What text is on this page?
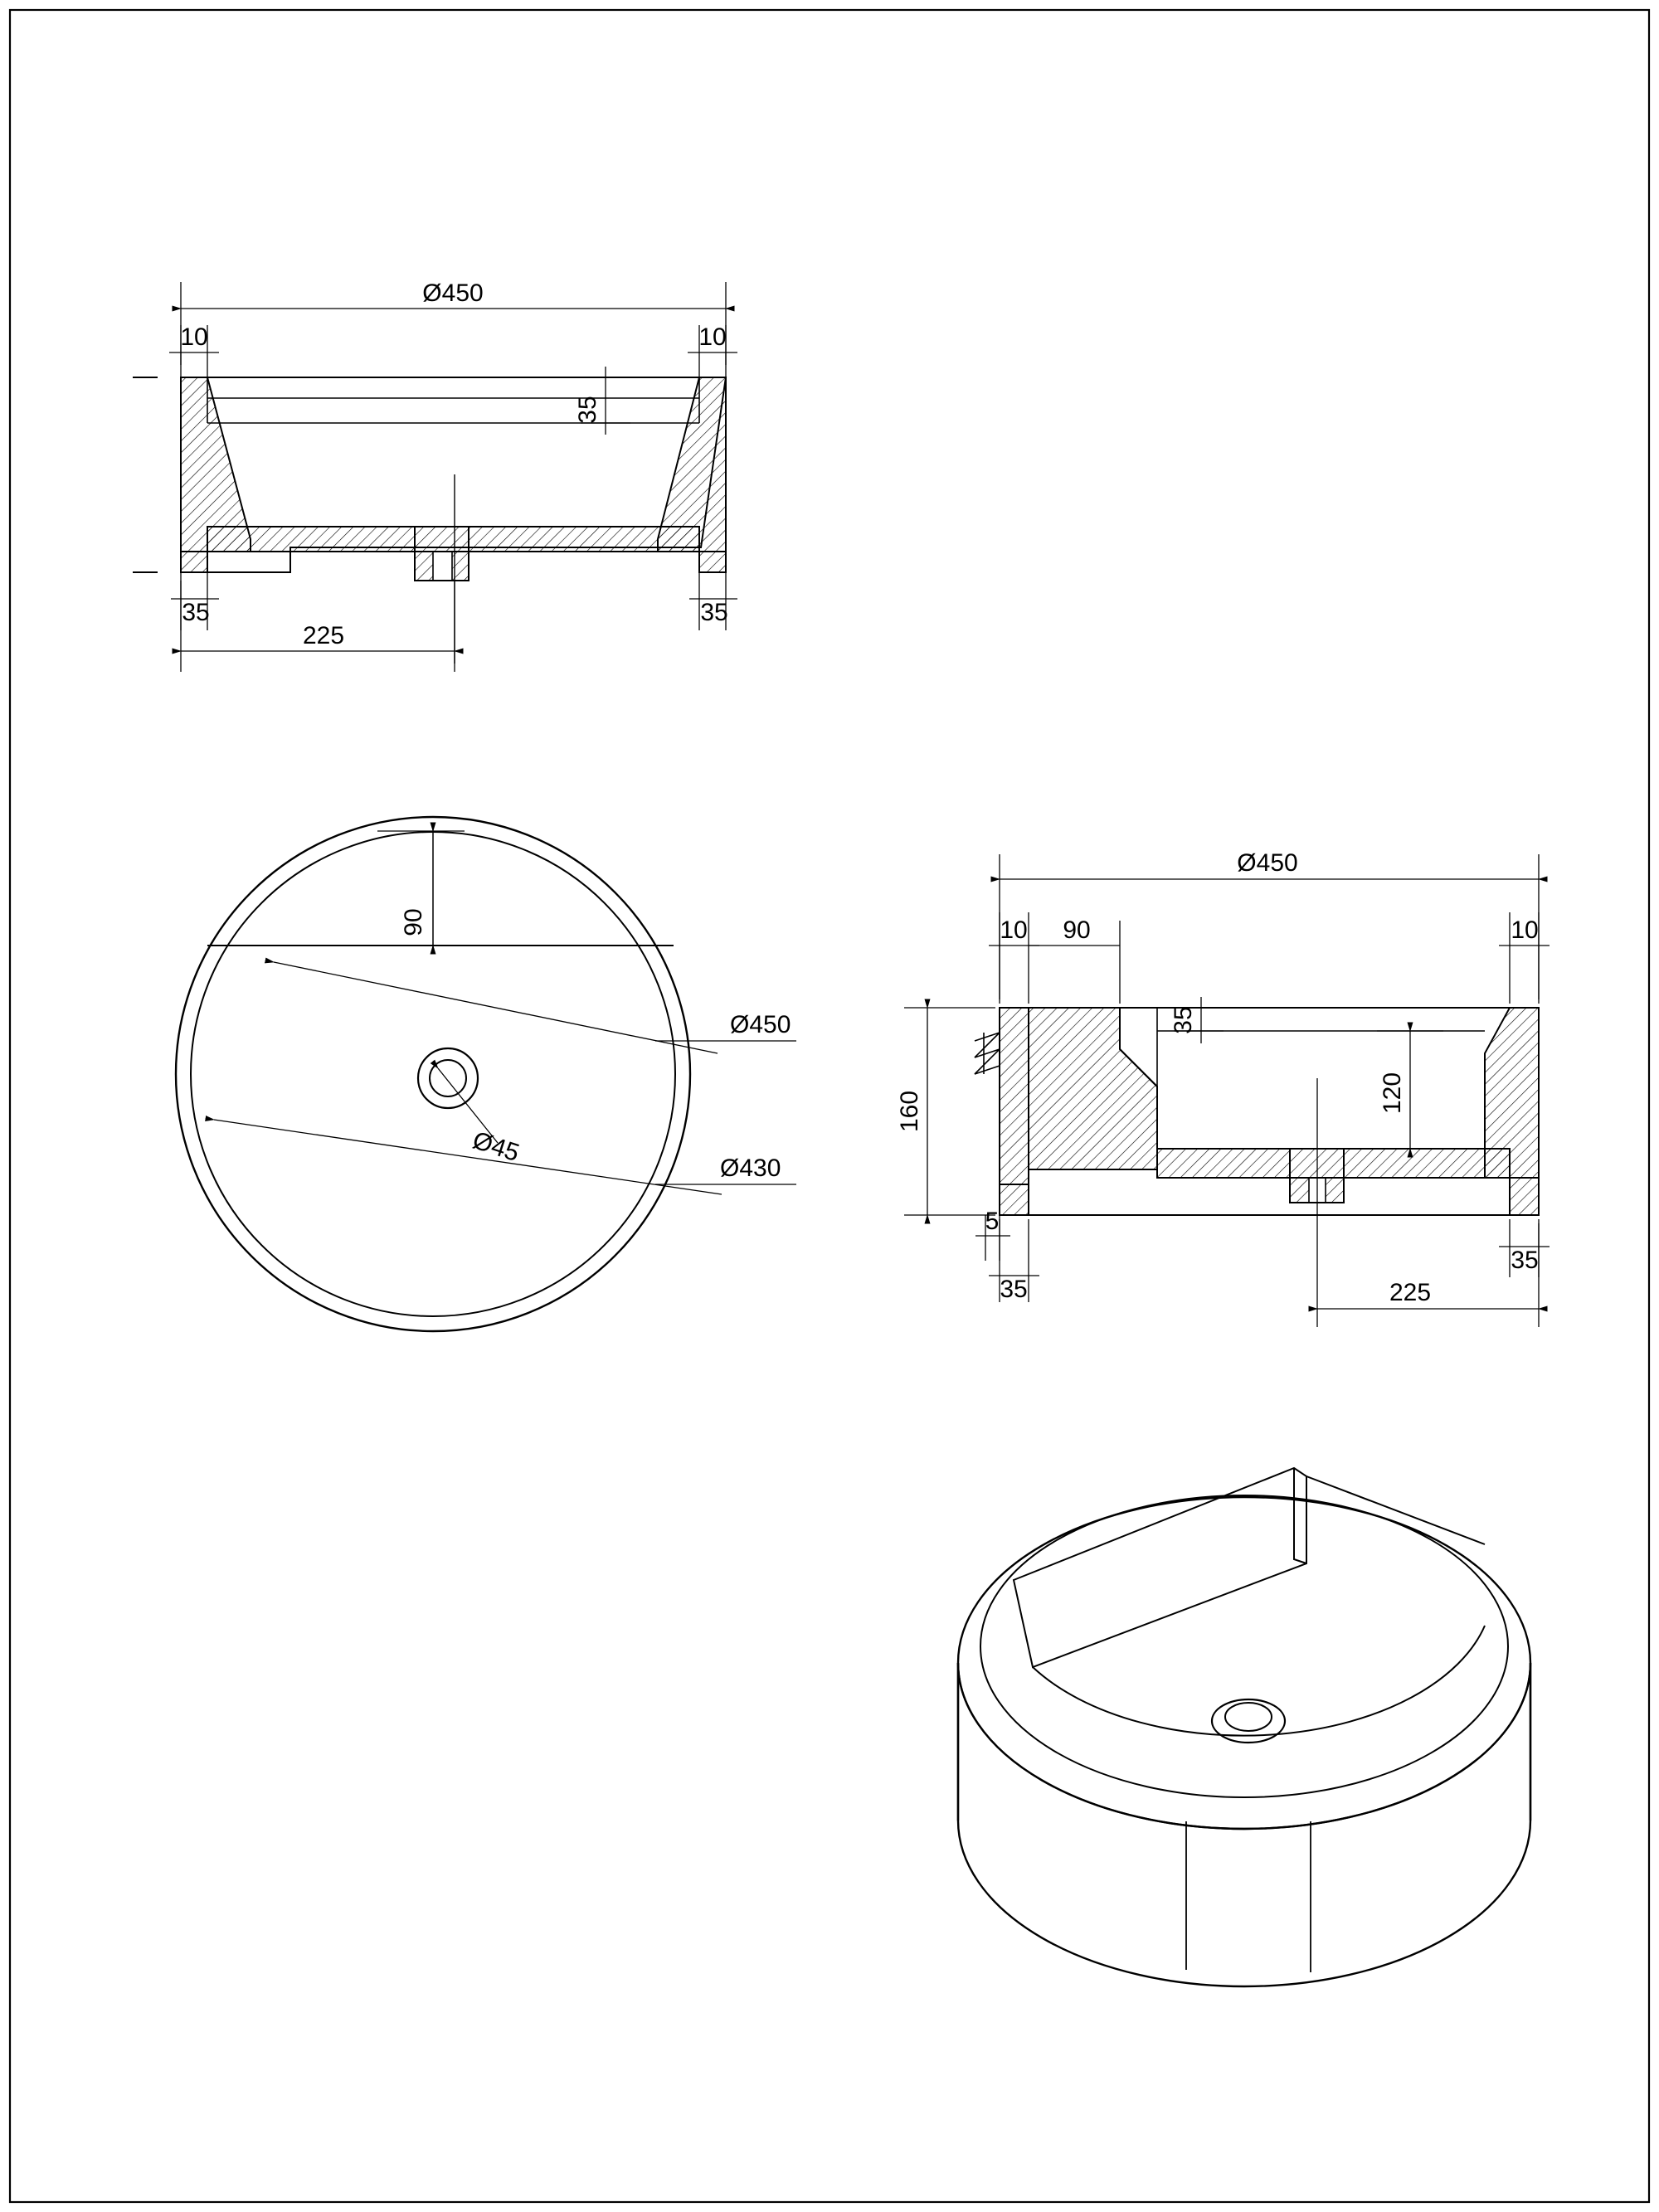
Ø450
10	10
35
35	35
225
90
Ø450
Ø430
Ø45
Ø450
10 90	10
160
35
120
5
35
35
225
